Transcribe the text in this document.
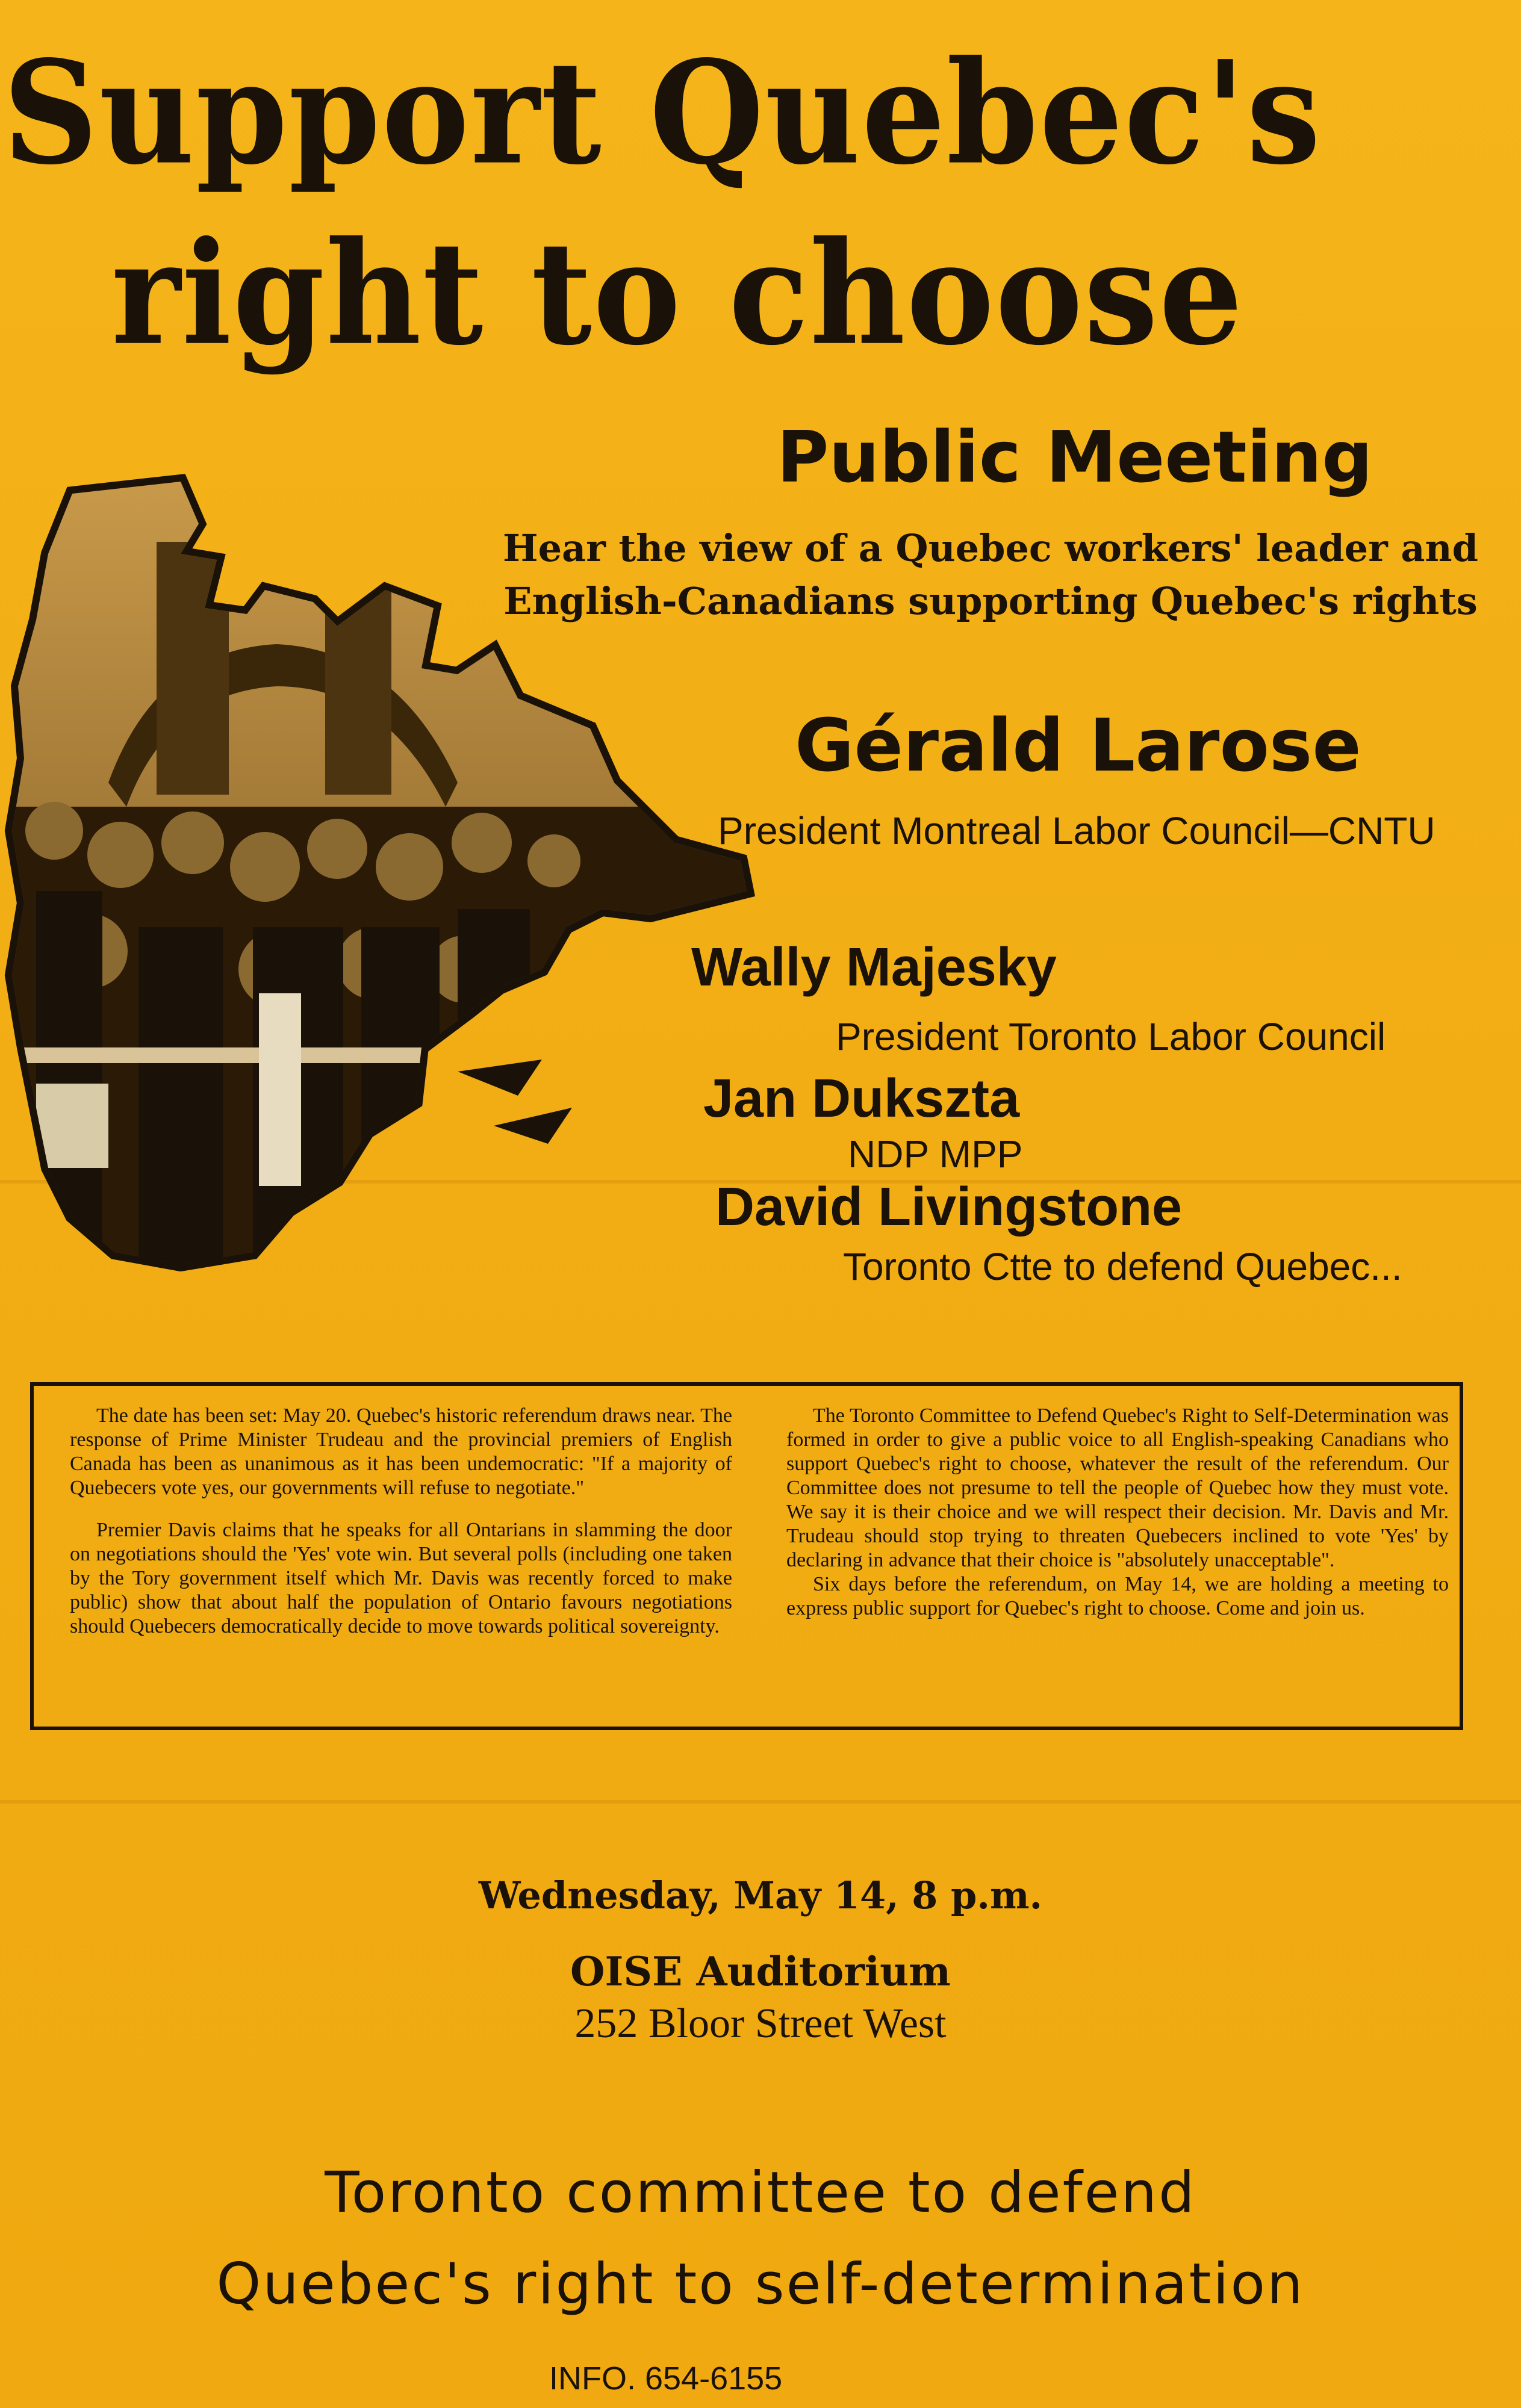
Support Quebec's
right to choose
Public Meeting
Hear the view of a Quebec workers' leader and
English-Canadians supporting Quebec's rights
Gérald Larose
President Montreal Labor Council—CNTU
Wally Majesky
President Toronto Labor Council
Jan Dukszta
NDP MPP
David Livingstone
Toronto Ctte to defend Quebec...

The date has been set: May 20. Quebec's historic referendum draws near. The response of Prime Minister Trudeau and the provincial premiers of English Canada has been as unanimous as it has been undemocratic: "If a majority of Quebecers vote yes, our governments will refuse to negotiate."

Premier Davis claims that he speaks for all Ontarians in slamming the door on negotiations should the 'Yes' vote win. But several polls (including one taken by the Tory government itself which Mr. Davis was recently forced to make public) show that about half the population of Ontario favours negotiations should Quebecers democratically decide to move towards political sovereignty.

The Toronto Committee to Defend Quebec's Right to Self-Determination was formed in order to give a public voice to all English-speaking Canadians who support Quebec's right to choose, whatever the result of the referendum. Our Committee does not presume to tell the people of Quebec how they must vote. We say it is their choice and we will respect their decision. Mr. Davis and Mr. Trudeau should stop trying to threaten Quebecers inclined to vote 'Yes' by declaring in advance that their choice is "absolutely unacceptable".

Six days before the referendum, on May 14, we are holding a meeting to express public support for Quebec's right to choose. Come and join us.

Wednesday, May 14, 8 p.m.
OISE Auditorium
252 Bloor Street West
Toronto committee to defend
Quebec's right to self-determination
INFO. 654-6155
